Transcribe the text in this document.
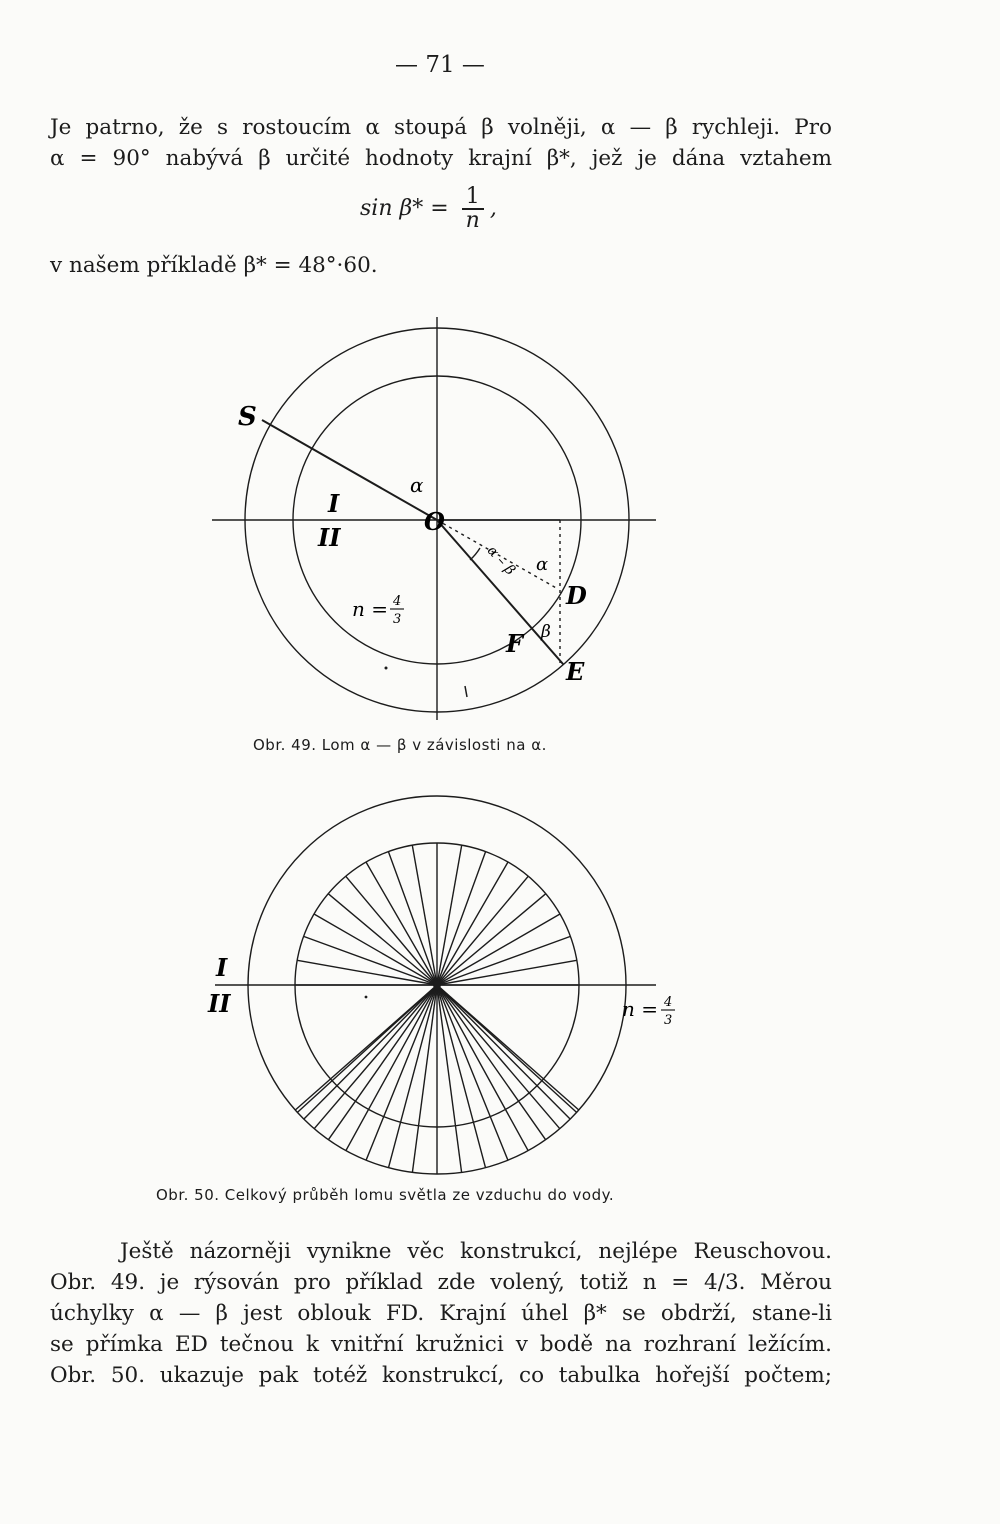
— 71 —
Je patrno, že s rostoucím α stoupá β volněji, α — β rychleji. Pro
α = 90° nabývá β určité hodnoty krajní β*, jež je dána vztahem
$\sin \beta* = \frac{1}{n}$ ,
v našem příkladě β* = 48°·60.
S
O
D
E
F
I
II
α
α
α – β
β
n = 4
3
I
II	n = 4
3
Obr. 49. Lom α — β v závislosti na α.
Obr. 50. Celkový průběh lomu světla ze vzduchu do vody.
Ještě názorněji vynikne věc konstrukcí, nejlépe Reuschovou.
Obr. 49. je rýsován pro příklad zde volený, totiž n = 4/3. Měrou
úchylky α — β jest oblouk FD. Krajní úhel β* se obdrží, stane-li
se přímka ED tečnou k vnitřní kružnici v bodě na rozhraní ležícím.
Obr. 50. ukazuje pak totéž konstrukcí, co tabulka hořejší počtem;
